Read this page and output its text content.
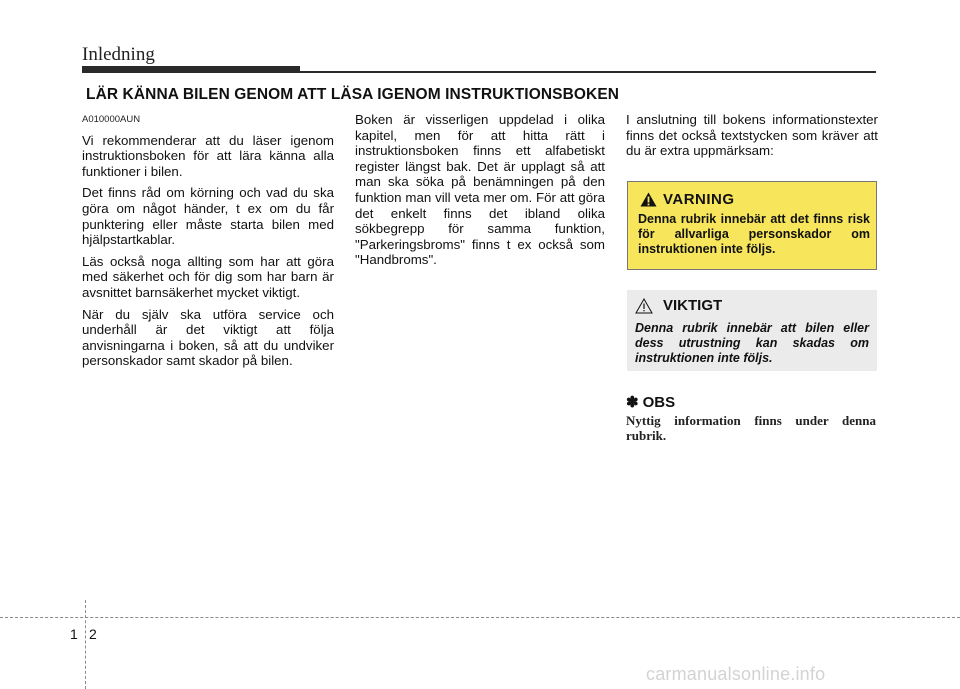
Inledning
LÄR KÄNNA BILEN GENOM ATT LÄSA IGENOM INSTRUKTIONSBOKEN
A010000AUN

Vi rekommenderar att du läser igenom instruktionsboken för att lära känna alla funktioner i bilen.

Det finns råd om körning och vad du ska göra om något händer, t ex om du får punktering eller måste starta bilen med hjälpstartkablar.

Läs också noga allting som har att göra med säkerhet och för dig som har barn är avsnittet barnsäkerhet mycket viktigt.

När du själv ska utföra service och underhåll är det viktigt att följa anvisningarna i boken, så att du undviker personskador samt skador på bilen.

Boken är visserligen uppdelad i olika kapitel, men för att hitta rätt i instruktionsboken finns ett alfabetiskt register längst bak. Det är upplagt så att man ska söka på benämningen på den funktion man vill veta mer om. För att göra det enkelt finns det ibland olika sökbegrepp för samma funktion, "Parkeringsbroms" finns t ex också som "Handbroms".

I anslutning till bokens informationstexter finns det också textstycken som kräver att du är extra uppmärksam:

VARNING
Denna rubrik innebär att det finns risk för allvarliga personskador om instruktionen inte följs.
VIKTIGT
Denna rubrik innebär att bilen eller dess utrustning kan skadas om instruktionen inte följs.
✽ OBS
Nyttig information finns under denna rubrik.
1 2
carmanualsonline.info
